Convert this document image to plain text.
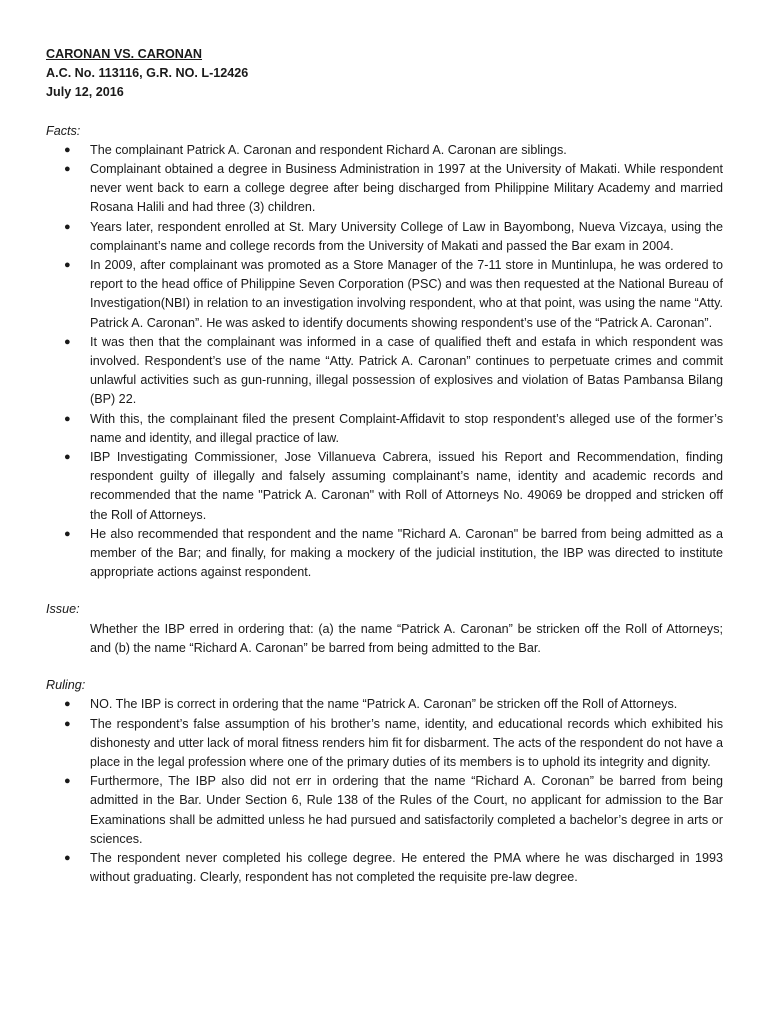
CARONAN VS. CARONAN

A.C. No. 113116, G.R. NO. L-12426

July 12, 2016

Facts:

● The complainant Patrick A. Caronan and respondent Richard A. Caronan are siblings.
● Complainant obtained a degree in Business Administration in 1997 at the University of Makati. While respondent never went back to earn a college degree after being discharged from Philippine Military Academy and married Rosana Halili and had three (3) children.
● Years later, respondent enrolled at St. Mary University College of Law in Bayombong, Nueva Vizcaya, using the complainant’s name and college records from the University of Makati and passed the Bar exam in 2004.
● In 2009, after complainant was promoted as a Store Manager of the 7-11 store in Muntinlupa, he was ordered to report to the head office of Philippine Seven Corporation (PSC) and was then requested at the National Bureau of Investigation(NBI) in relation to an investigation involving respondent, who at that point, was using the name “Atty. Patrick A. Caronan”. He was asked to identify documents showing respondent’s use of the “Patrick A. Caronan”.
● It was then that the complainant was informed in a case of qualified theft and estafa in which respondent was involved. Respondent’s use of the name “Atty. Patrick A. Caronan” continues to perpetuate crimes and commit unlawful activities such as gun-running, illegal possession of explosives and violation of Batas Pambansa Bilang (BP) 22.
● With this, the complainant filed the present Complaint-Affidavit to stop respondent’s alleged use of the former’s name and identity, and illegal practice of law.
● IBP Investigating Commissioner, Jose Villanueva Cabrera, issued his Report and Recommendation, finding respondent guilty of illegally and falsely assuming complainant’s name, identity and academic records and recommended that the name "Patrick A. Caronan" with Roll of Attorneys No. 49069 be dropped and stricken off the Roll of Attorneys.
● He also recommended that respondent and the name "Richard A. Caronan" be barred from being admitted as a member of the Bar; and finally, for making a mockery of the judicial institution, the IBP was directed to institute appropriate actions against respondent.

Issue:

Whether the IBP erred in ordering that: (a) the name “Patrick A. Caronan” be stricken off the Roll of Attorneys; and (b) the name “Richard A. Caronan” be barred from being admitted to the Bar.

Ruling:

● NO. The IBP is correct in ordering that the name “Patrick A. Caronan” be stricken off the Roll of Attorneys.
● The respondent’s false assumption of his brother’s name, identity, and educational records which exhibited his dishonesty and utter lack of moral fitness renders him fit for disbarment. The acts of the respondent do not have a place in the legal profession where one of the primary duties of its members is to uphold its integrity and dignity.
● Furthermore, The IBP also did not err in ordering that the name “Richard A. Coronan” be barred from being admitted in the Bar. Under Section 6, Rule 138 of the Rules of the Court, no applicant for admission to the Bar Examinations shall be admitted unless he had pursued and satisfactorily completed a bachelor’s degree in arts or sciences.
● The respondent never completed his college degree. He entered the PMA where he was discharged in 1993 without graduating. Clearly, respondent has not completed the requisite pre-law degree.
